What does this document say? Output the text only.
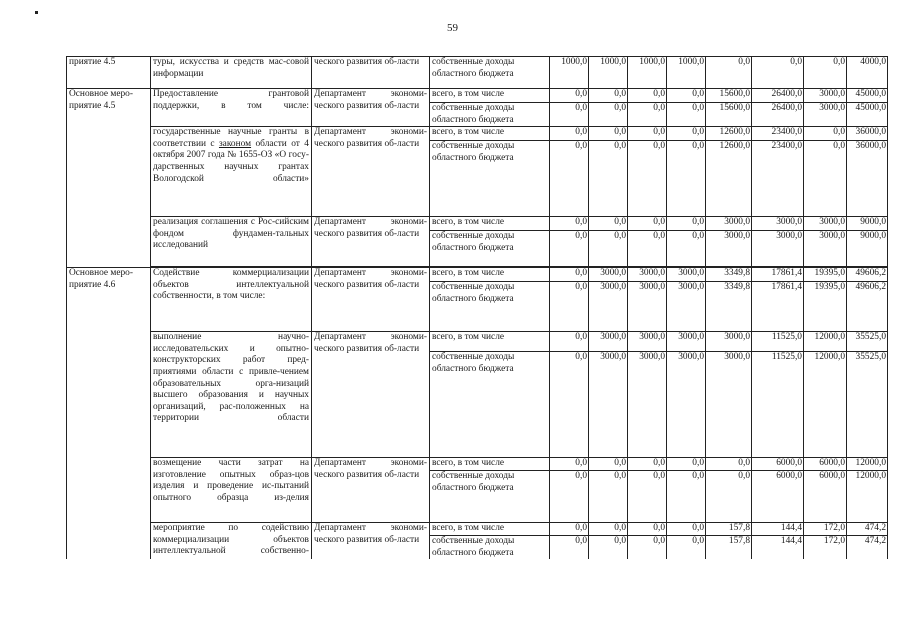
59
приятие 4.5	туры, искусства и средств мас-совой информации	ческого развития об-ласти	собственные доходы областного бюджета	1000,0	1000,0	1000,0	1000,0	0,0	0,0	0,0	4000,0
Основное меро-приятие 4.5	Предоставление грантовой поддержки, в том числе:	Департамент экономи-ческого развития об-ласти	всего, в том числе	0,0	0,0	0,0	0,0	15600,0	26400,0	3000,0	45000,0
			собственные доходы областного бюджета	0,0	0,0	0,0	0,0	15600,0	26400,0	3000,0	45000,0
	государственные научные гранты в соответствии с законом области от 4 октября 2007 года № 1655-ОЗ «О госу-дарственных научных грантах Вологодской области»	Департамент экономи-ческого развития об-ласти	всего, в том числе	0,0	0,0	0,0	0,0	12600,0	23400,0	0,0	36000,0
			собственные доходы областного бюджета	0,0	0,0	0,0	0,0	12600,0	23400,0	0,0	36000,0
	реализация соглашения с Рос-сийским фондом фундамен-тальных исследований	Департамент экономи-ческого развития об-ласти	всего, в том числе	0,0	0,0	0,0	0,0	3000,0	3000,0	3000,0	9000,0
			собственные доходы областного бюджета	0,0	0,0	0,0	0,0	3000,0	3000,0	3000,0	9000,0

Основное меро-приятие 4.6	Содействие коммерциализации объектов интеллектуальной собственности, в том числе:	Департамент экономи-ческого развития об-ласти	всего, в том числе	0,0	3000,0	3000,0	3000,0	3349,8	17861,4	19395,0	49606,2
			собственные доходы областного бюджета	0,0	3000,0	3000,0	3000,0	3349,8	17861,4	19395,0	49606,2
	выполнение научно-исследовательских и опытно-конструкторских работ пред-приятиями области с привле-чением образовательных орга-низаций высшего образования и научных организаций, рас-положенных на территории области	Департамент экономи-ческого развития об-ласти	всего, в том числе	0,0	3000,0	3000,0	3000,0	3000,0	11525,0	12000,0	35525,0
			собственные доходы областного бюджета	0,0	3000,0	3000,0	3000,0	3000,0	11525,0	12000,0	35525,0
	возмещение части затрат на изготовление опытных образ-цов изделия и проведение ис-пытаний опытного образца из-делия	Департамент экономи-ческого развития об-ласти	всего, в том числе	0,0	0,0	0,0	0,0	0,0	6000,0	6000,0	12000,0
			собственные доходы областного бюджета	0,0	0,0	0,0	0,0	0,0	6000,0	6000,0	12000,0
	мероприятие по содействию коммерциализации объектов интеллектуальной собственно-	Департамент экономи-ческого развития об-ласти	всего, в том числе	0,0	0,0	0,0	0,0	157,8	144,4	172,0	474,2
			собственные доходы областного бюджета	0,0	0,0	0,0	0,0	157,8	144,4	172,0	474,2
